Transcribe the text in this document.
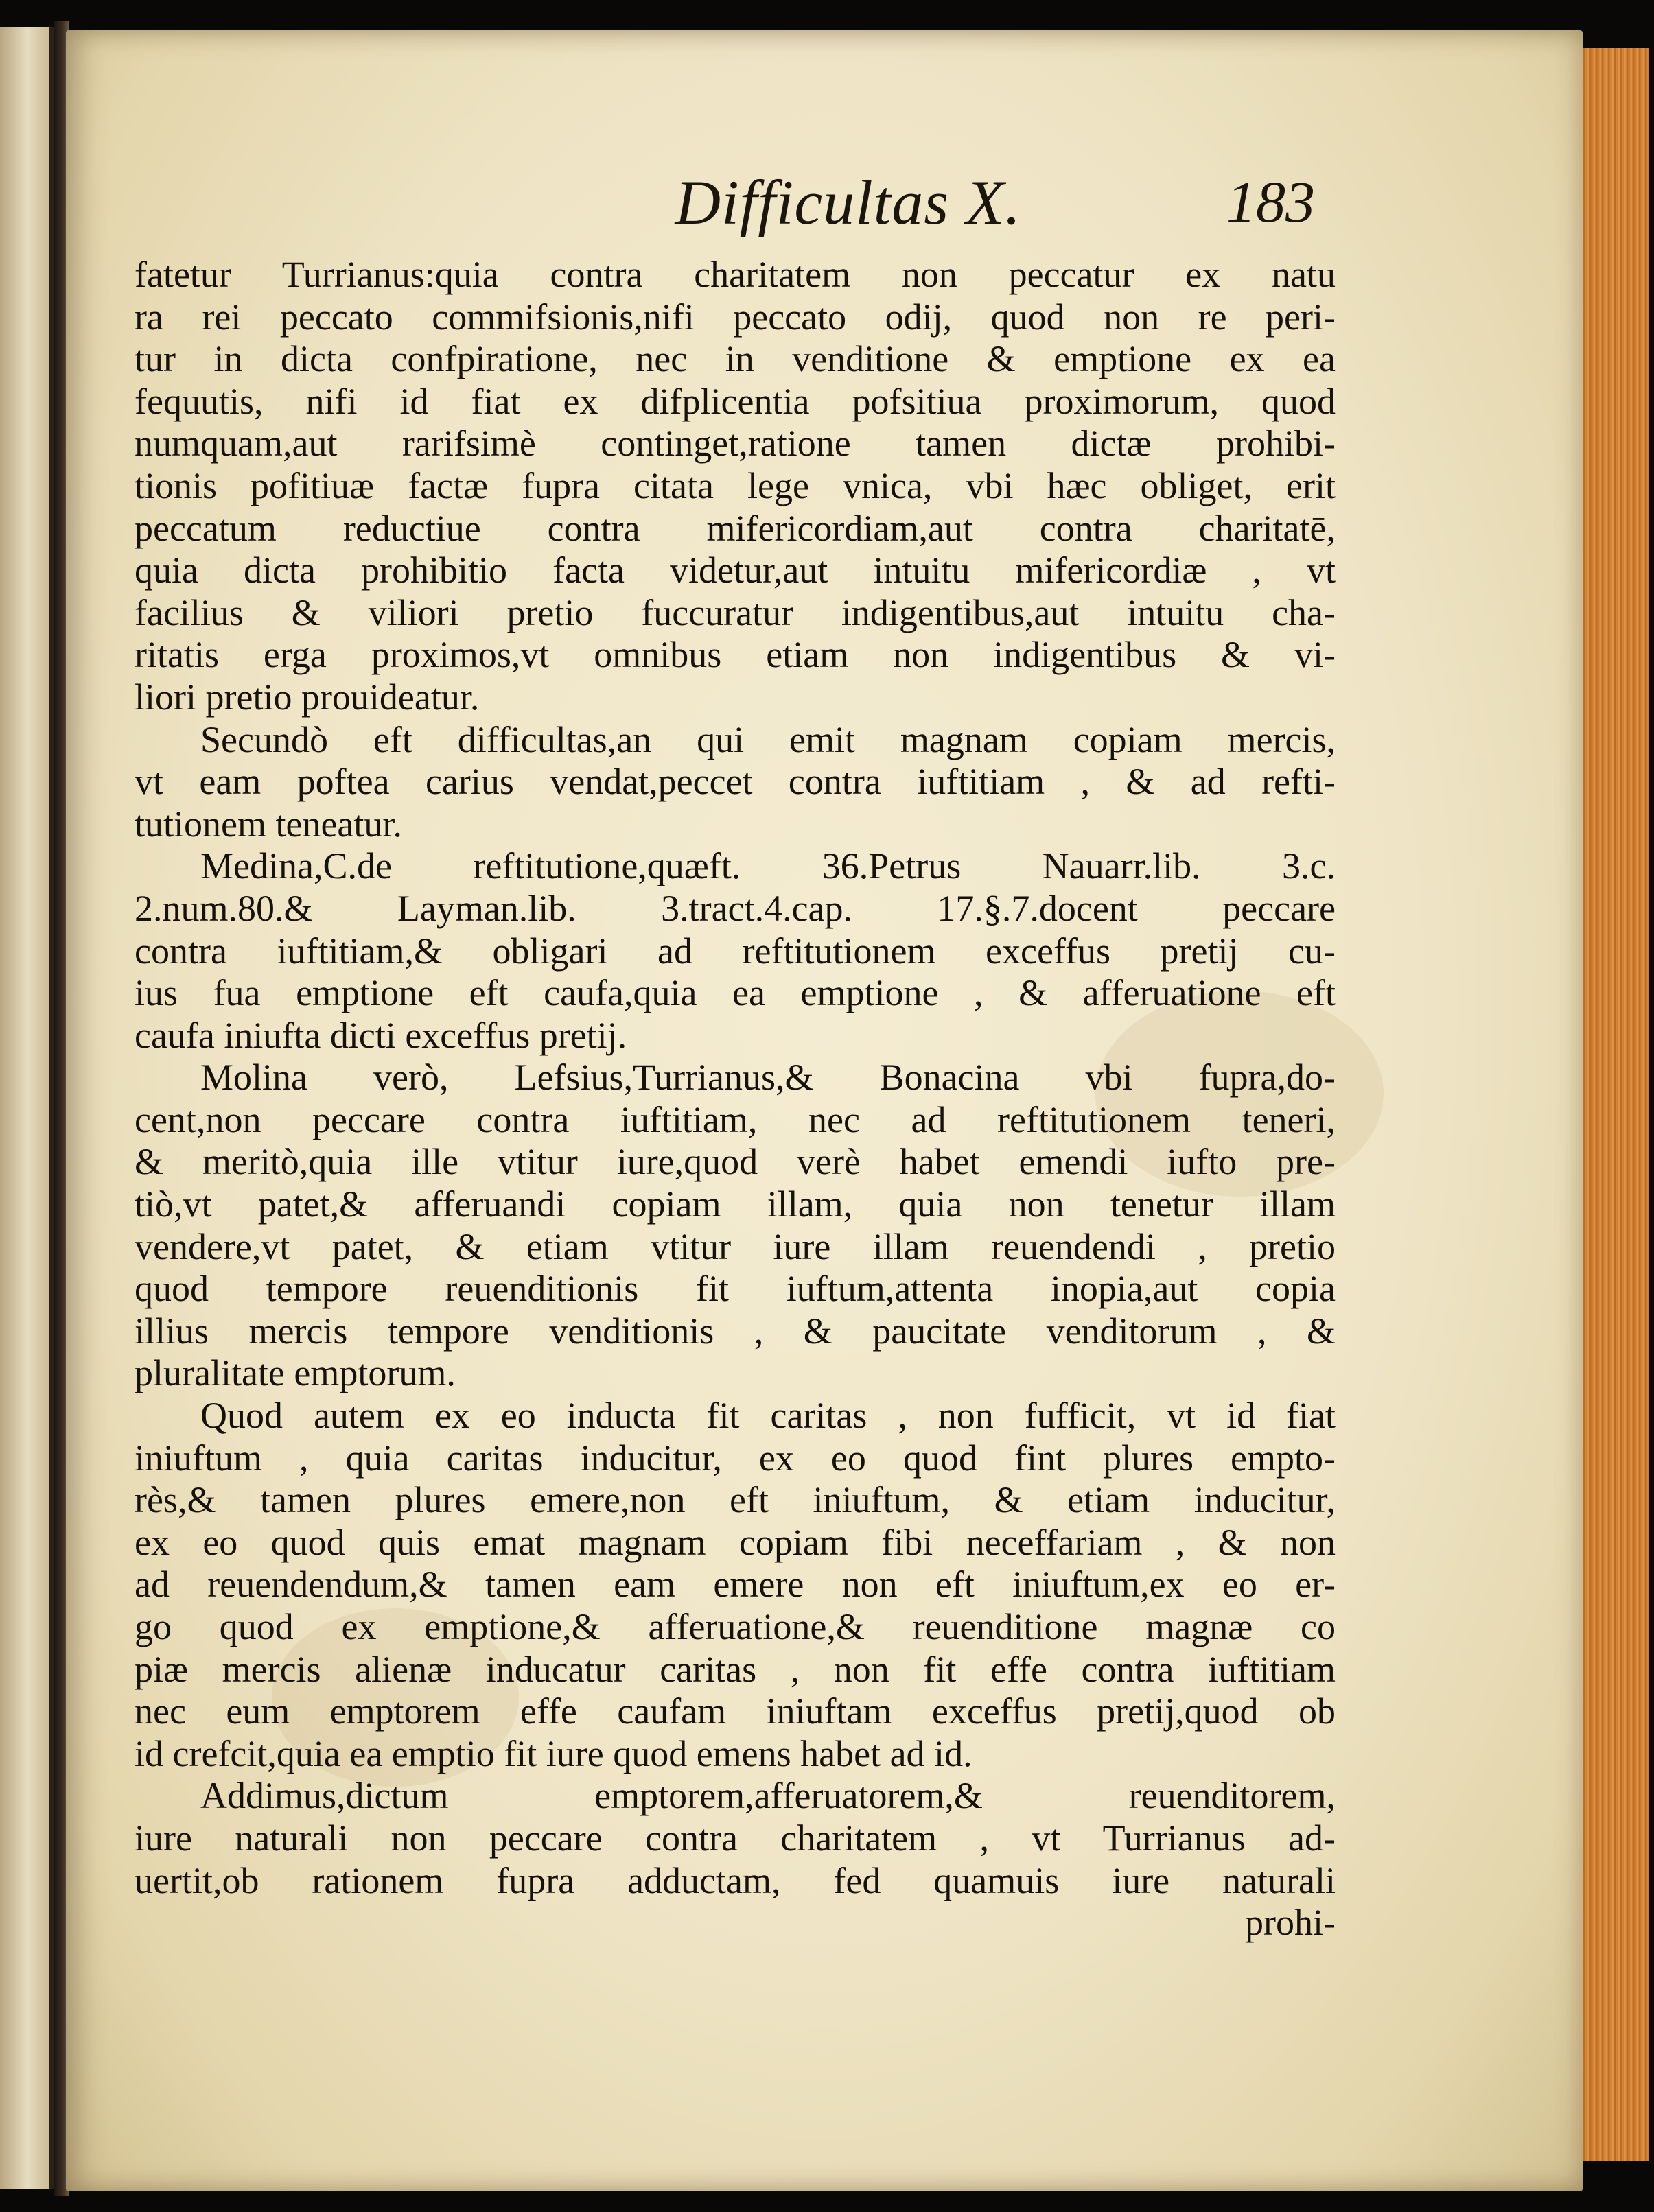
Difficultas X.	183
fatetur Turrianus:quia contra charitatem non peccatur ex natu
ra rei peccato commifsionis,nifi peccato odij, quod non re peri-
tur in dicta confpiratione, nec in venditione & emptione ex ea
fequutis, nifi id fiat ex difplicentia pofsitiua proximorum, quod
numquam,aut rarifsimè continget,ratione tamen dictæ prohibi-
tionis pofitiuæ factæ fupra citata lege vnica, vbi hæc obliget, erit
peccatum reductiue contra mifericordiam,aut contra charitatē,
quia dicta prohibitio facta videtur,aut intuitu mifericordiæ , vt
facilius & viliori pretio fuccuratur indigentibus,aut intuitu cha-
ritatis erga proximos,vt omnibus etiam non indigentibus & vi-
liori pretio prouideatur.
Secundò eft difficultas,an qui emit magnam copiam mercis,
vt eam poftea carius vendat,peccet contra iuftitiam , & ad refti-
tutionem teneatur.
Medina,C.de reftitutione,quæft. 36.Petrus Nauarr.lib. 3.c.
2.num.80.& Layman.lib. 3.tract.4.cap. 17.§.7.docent peccare
contra iuftitiam,& obligari ad reftitutionem exceffus pretij cu-
ius fua emptione eft caufa,quia ea emptione , & afferuatione eft
caufa iniufta dicti exceffus pretij.
Molina verò, Lefsius,Turrianus,& Bonacina vbi fupra,do-
cent,non peccare contra iuftitiam, nec ad reftitutionem teneri,
& meritò,quia ille vtitur iure,quod verè habet emendi iufto pre-
tiò,vt patet,& afferuandi copiam illam, quia non tenetur illam
vendere,vt patet, & etiam vtitur iure illam reuendendi , pretio
quod tempore reuenditionis fit iuftum,attenta inopia,aut copia
illius mercis tempore venditionis , & paucitate venditorum , &
pluralitate emptorum.
Quod autem ex eo inducta fit caritas , non fufficit, vt id fiat
iniuftum , quia caritas inducitur, ex eo quod fint plures empto-
rès,& tamen plures emere,non eft iniuftum, & etiam inducitur,
ex eo quod quis emat magnam copiam fibi neceffariam , & non
ad reuendendum,& tamen eam emere non eft iniuftum,ex eo er-
go quod ex emptione,& afferuatione,& reuenditione magnæ co
piæ mercis alienæ inducatur caritas , non fit effe contra iuftitiam
nec eum emptorem effe caufam iniuftam exceffus pretij,quod ob
id crefcit,quia ea emptio fit iure quod emens habet ad id.
Addimus,dictum emptorem,afferuatorem,& reuenditorem,
iure naturali non peccare contra charitatem , vt Turrianus ad-
uertit,ob rationem fupra adductam, fed quamuis iure naturali
prohi-
